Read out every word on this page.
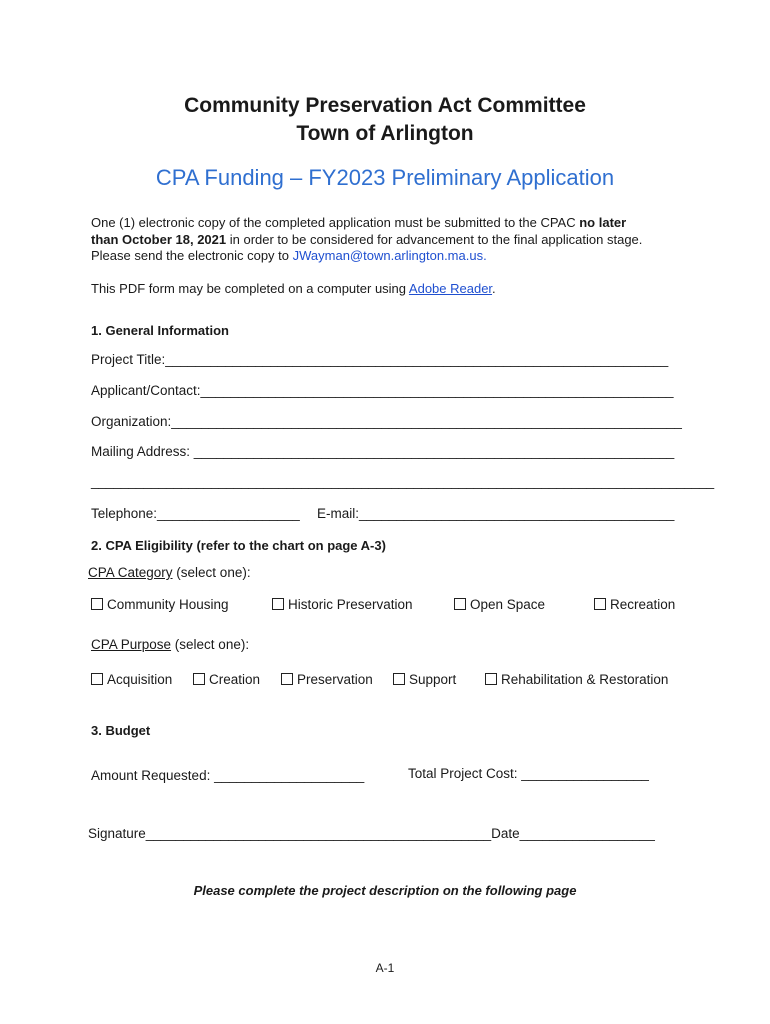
Community Preservation Act Committee
Town of Arlington
CPA Funding – FY2023 Preliminary Application
One (1) electronic copy of the completed application must be submitted to the CPAC no later
than October 18, 2021 in order to be considered for advancement to the final application stage.
Please send the electronic copy to JWayman@town.arlington.ma.us.
This PDF form may be completed on a computer using Adobe Reader.
1. General Information
Project Title:___________________________________________________________________
Applicant/Contact:_______________________________________________________________
Organization:____________________________________________________________________
Mailing Address: ________________________________________________________________
___________________________________________________________________________________
Telephone:___________________ E-mail:__________________________________________
2. CPA Eligibility (refer to the chart on page A-3)
CPA Category (select one):
Community Housing	Historic Preservation	Open Space	Recreation
CPA Purpose (select one):
Acquisition	Creation	Preservation	Support	Rehabilitation & Restoration
3. Budget
Amount Requested: ____________________	Total Project Cost: _________________
Signature______________________________________________Date__________________
Please complete the project description on the following page
A-1
